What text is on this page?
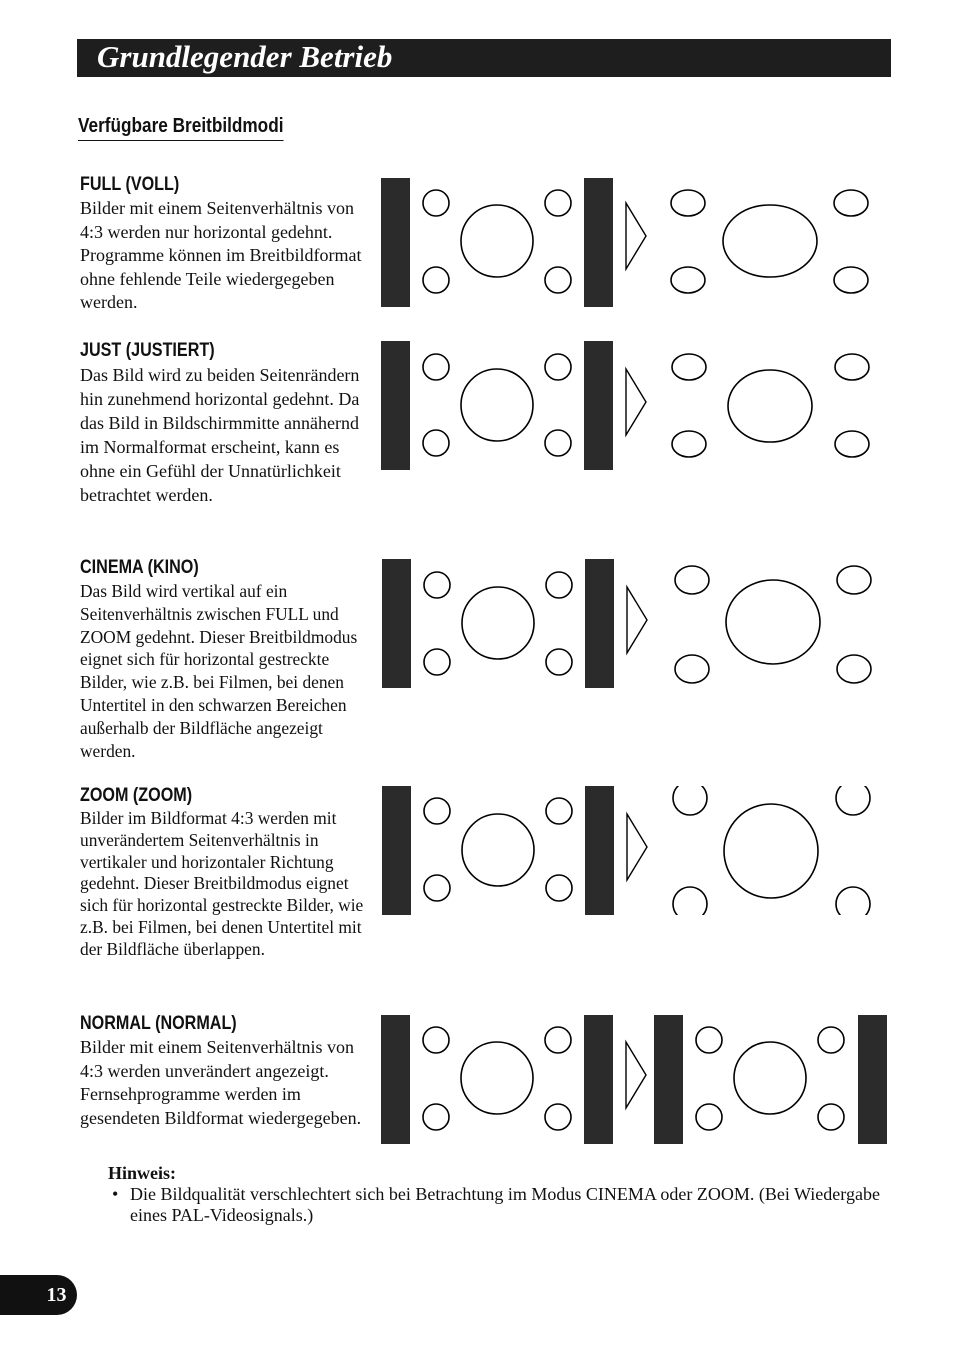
Grundlegender Betrieb
Verfügbare Breitbildmodi
FULL (VOLL)

Bilder mit einem Seitenverhältnis von 4:3 werden nur horizontal gedehnt. Programme können im Breitbildformat ohne fehlende Teile wiedergegeben werden.

JUST (JUSTIERT)

Das Bild wird zu beiden Seitenrändern hin zunehmend horizontal gedehnt. Da das Bild in Bildschirmmitte annähernd im Normalformat erscheint, kann es ohne ein Gefühl der Unnatürlichkeit betrachtet werden.

CINEMA (KINO)

Das Bild wird vertikal auf ein Seitenverhältnis zwischen FULL und ZOOM gedehnt. Dieser Breitbildmodus eignet sich für horizontal gestreckte Bilder, wie z.B. bei Filmen, bei denen Untertitel in den schwarzen Bereichen außerhalb der Bildfläche angezeigt werden.

ZOOM (ZOOM)

Bilder im Bildformat 4:3 werden mit unverändertem Seitenverhältnis in vertikaler und horizontaler Richtung gedehnt. Dieser Breitbildmodus eignet sich für horizontal gestreckte Bilder, wie z.B. bei Filmen, bei denen Untertitel mit der Bildfläche überlappen.

NORMAL (NORMAL)

Bilder mit einem Seitenverhältnis von 4:3 werden unverändert angezeigt. Fernsehprogramme werden im gesendeten Bildformat wiedergegeben.

Hinweis:
• Die Bildqualität verschlechtert sich bei Betrachtung im Modus CINEMA oder ZOOM. (Bei Wiedergabe eines PAL-Videosignals.)
13
